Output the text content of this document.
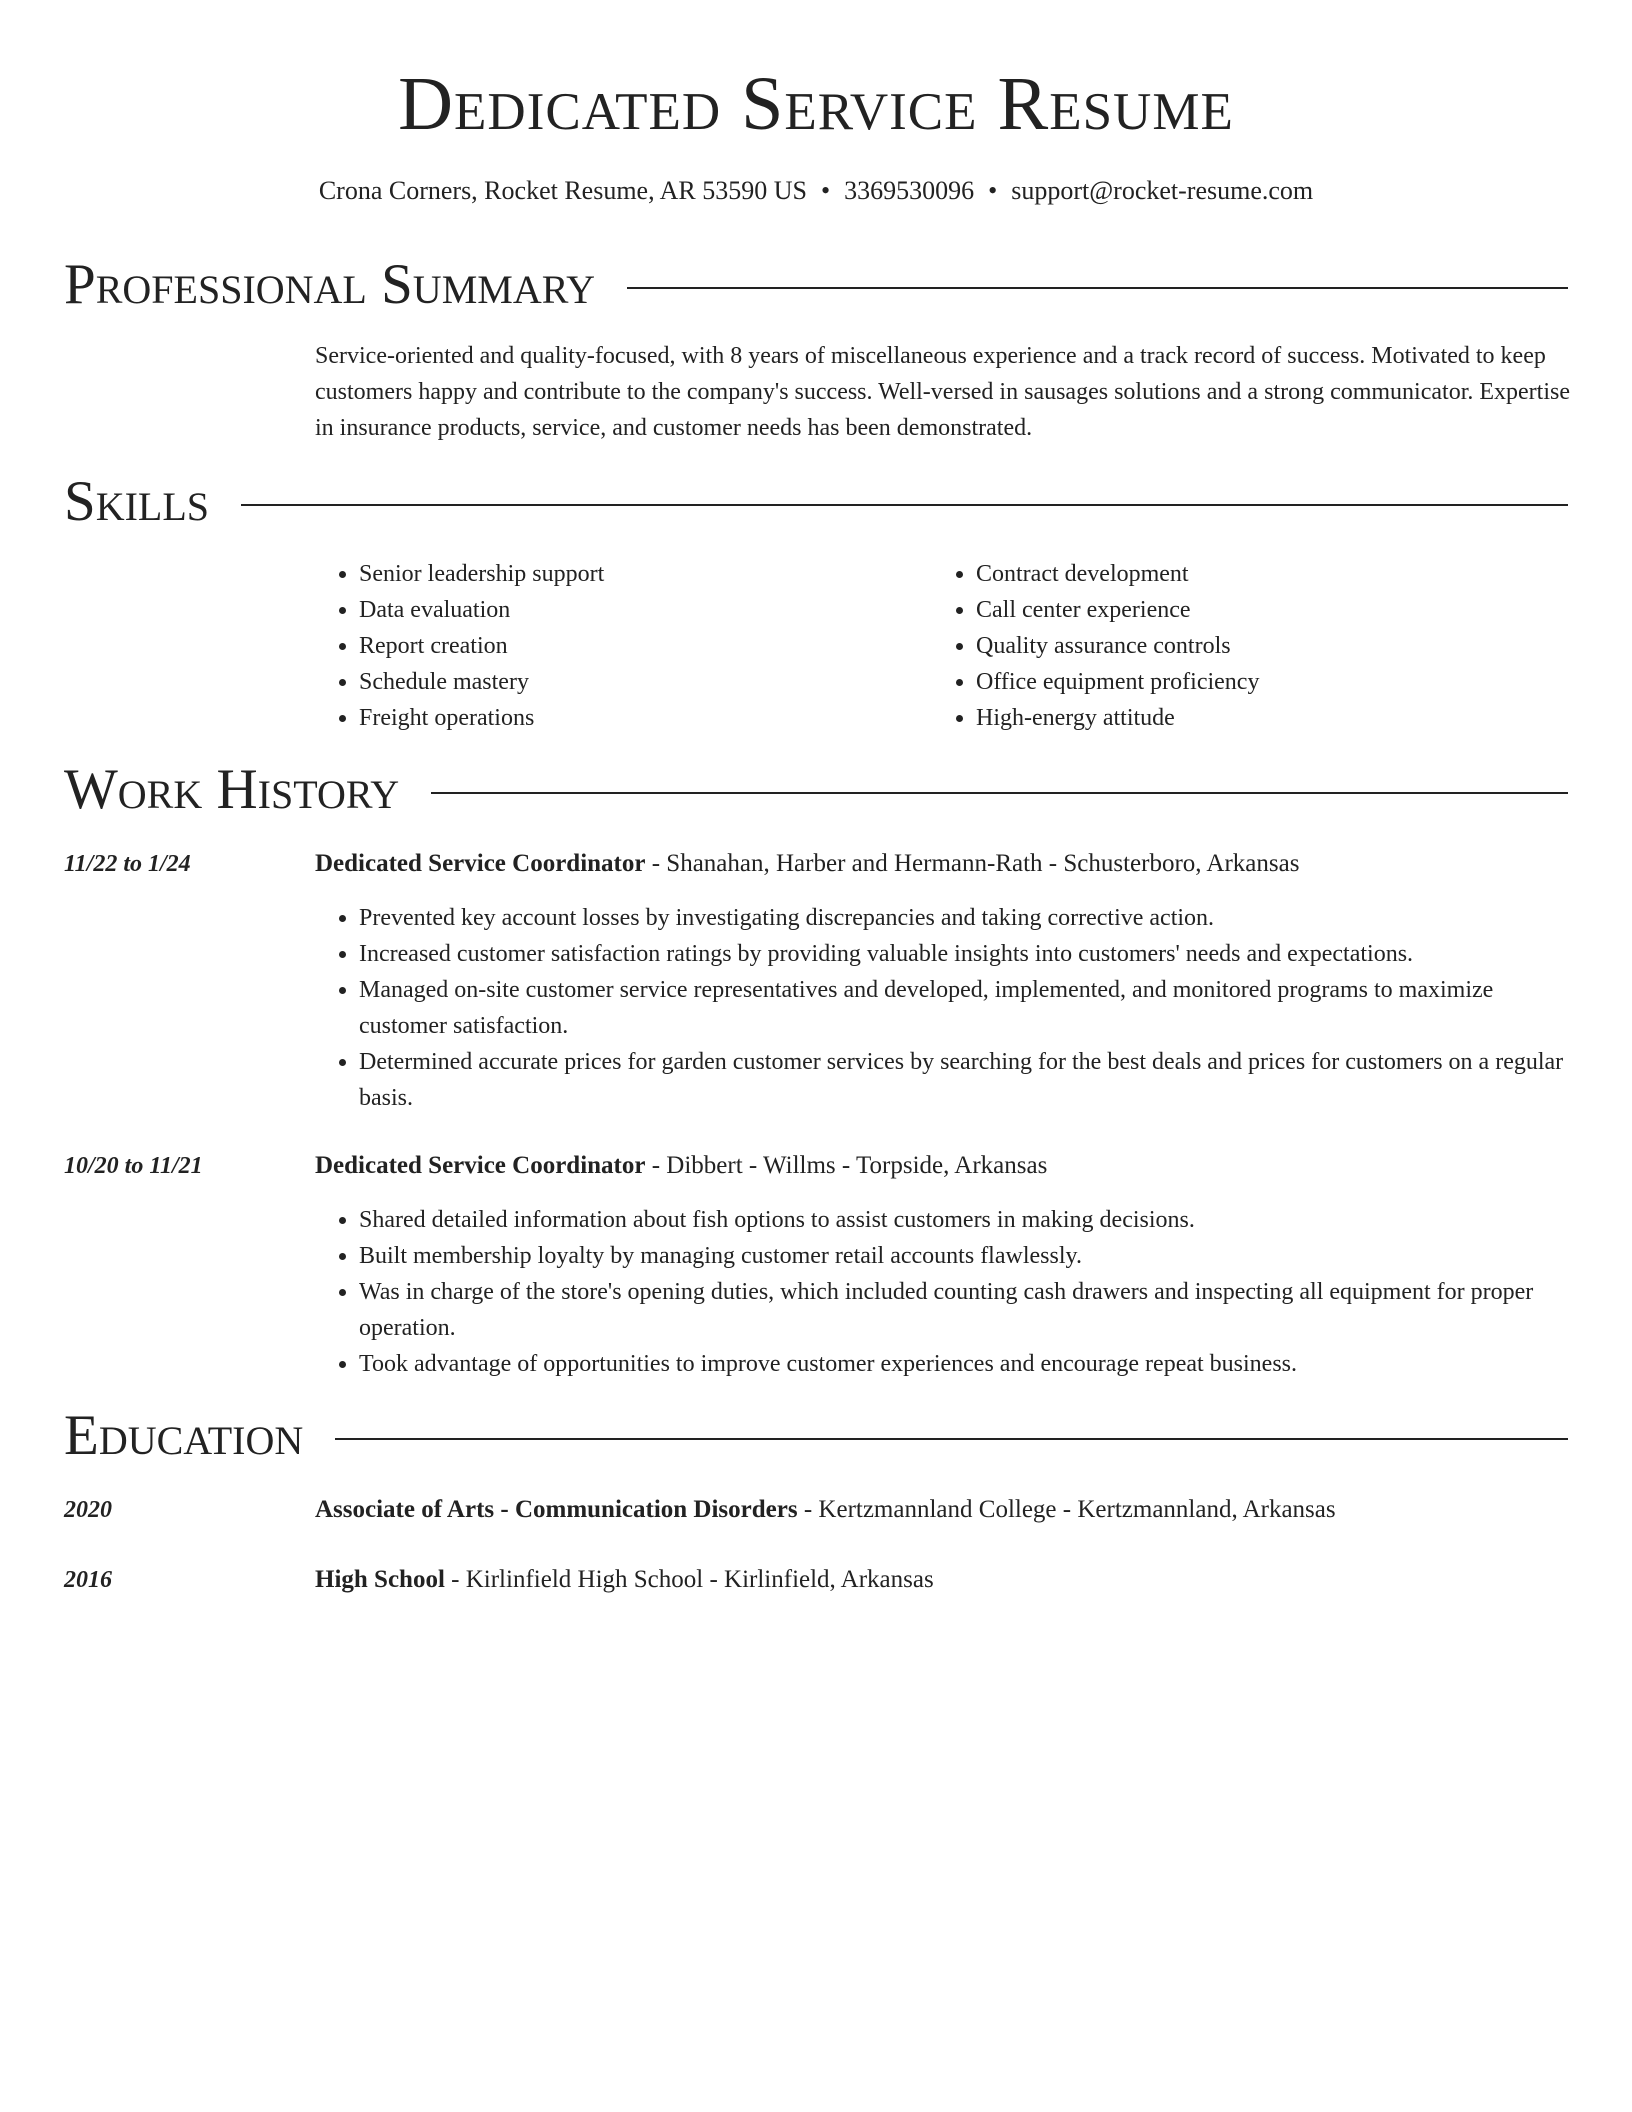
Dedicated Service Resume
Crona Corners, Rocket Resume, AR 53590 US • 3369530096 • support@rocket-resume.com
Professional Summary

Service-oriented and quality-focused, with 8 years of miscellaneous experience and a track record of success. Motivated to keep customers happy and contribute to the company's success. Well-versed in sausages solutions and a strong communicator. Expertise in insurance products, service, and customer needs has been demonstrated.

Skills
• Senior leadership support
• Data evaluation
• Report creation
• Schedule mastery
• Freight operations
• Contract development
• Call center experience
• Quality assurance controls
• Office equipment proficiency
• High-energy attitude
Work History
11/22 to 1/24	Dedicated Service Coordinator - Shanahan, Harber and Hermann-Rath - Schusterboro, Arkansas
• Prevented key account losses by investigating discrepancies and taking corrective action.
• Increased customer satisfaction ratings by providing valuable insights into customers' needs and expectations.
• Managed on-site customer service representatives and developed, implemented, and monitored programs to maximize customer satisfaction.
• Determined accurate prices for garden customer services by searching for the best deals and prices for customers on a regular basis.
10/20 to 11/21	Dedicated Service Coordinator - Dibbert - Willms - Torpside, Arkansas
• Shared detailed information about fish options to assist customers in making decisions.
• Built membership loyalty by managing customer retail accounts flawlessly.
• Was in charge of the store's opening duties, which included counting cash drawers and inspecting all equipment for proper operation.
• Took advantage of opportunities to improve customer experiences and encourage repeat business.
Education
2020	Associate of Arts - Communication Disorders - Kertzmannland College - Kertzmannland, Arkansas
2016	High School - Kirlinfield High School - Kirlinfield, Arkansas
